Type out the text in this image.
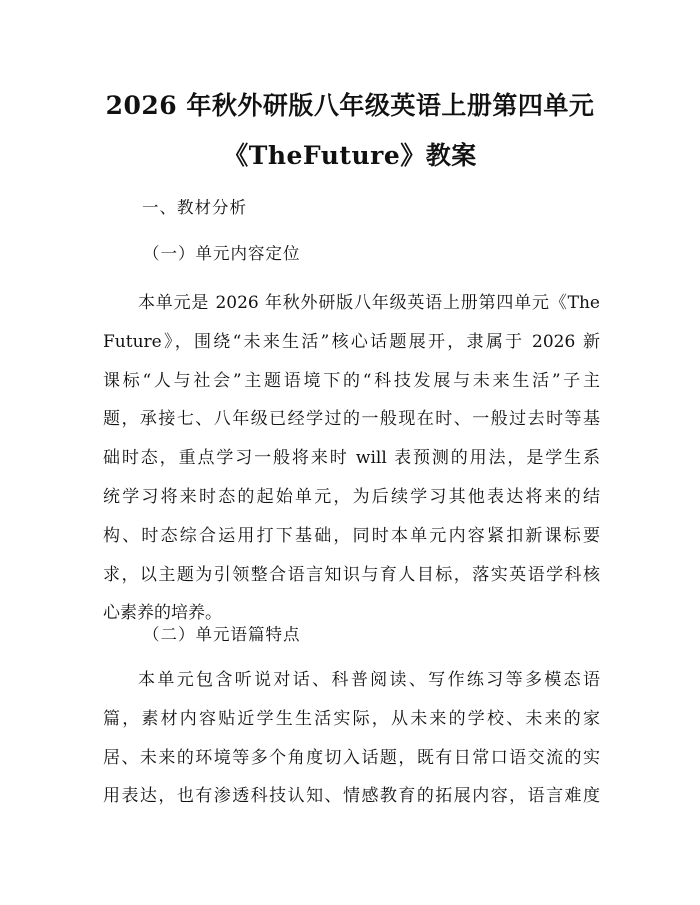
2026 年秋外研版八年级英语上册第四单元
《TheFuture》教案
一、教材分析
（一）单元内容定位
本单元是 2026 年秋外研版八年级英语上册第四单元《The
Future》，围绕“未来生活”核心话题展开，隶属于 2026 新
课标“人与社会”主题语境下的“科技发展与未来生活”子主
题，承接七、八年级已经学过的一般现在时、一般过去时等基
础时态，重点学习一般将来时 will 表预测的用法，是学生系
统学习将来时态的起始单元，为后续学习其他表达将来的结
构、时态综合运用打下基础，同时本单元内容紧扣新课标要
求，以主题为引领整合语言知识与育人目标，落实英语学科核
心素养的培养。
（二）单元语篇特点
本单元包含听说对话、科普阅读、写作练习等多模态语
篇，素材内容贴近学生生活实际，从未来的学校、未来的家
居、未来的环境等多个角度切入话题，既有日常口语交流的实
用表达，也有渗透科技认知、情感教育的拓展内容，语言难度
